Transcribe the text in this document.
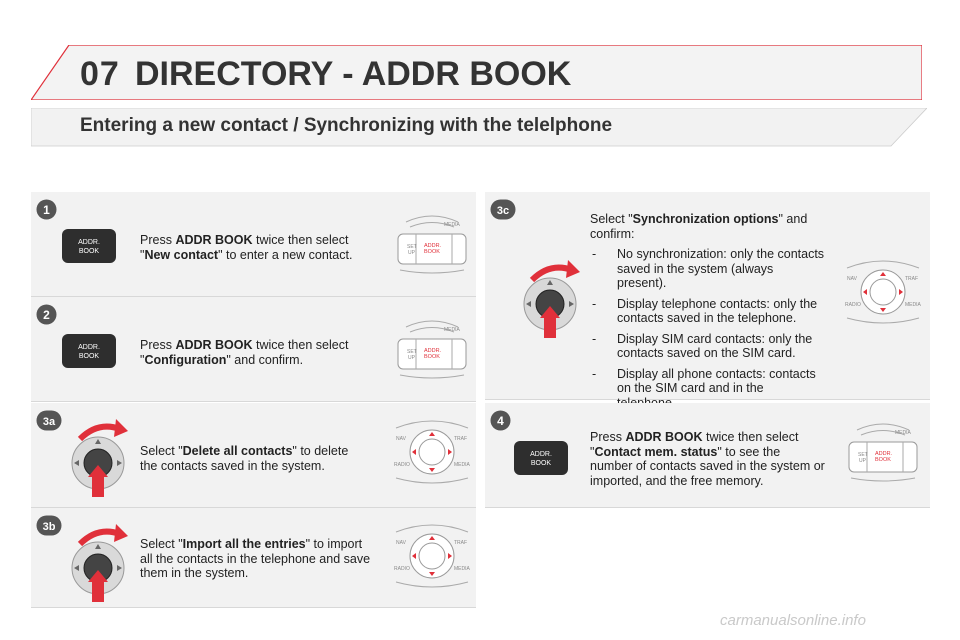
07 DIRECTORY - ADDR BOOK
Entering a new contact / Synchronizing with the telelphone
1
ADDR.
BOOK
Press ADDR BOOK twice then select "New contact" to enter a new contact.
SET
UP
ADDR.
BOOK
MEDIA
2
ADDR.
BOOK
Press ADDR BOOK twice then select "Configuration" and confirm.
SET
UP
ADDR.
BOOK
MEDIA
3a
Select "Delete all contacts" to delete the contacts saved in the system.
NAV	TRAF
RADIO	MEDIA
3b
Select "Import all the entries" to import all the contacts in the telephone and save them in the system.
NAV	TRAF
RADIO	MEDIA
3c
Select "Synchronization options" and confirm:
- No synchronization: only the contacts saved in the system (always present).
- Display telephone contacts: only the contacts saved in the telephone.
- Display SIM card contacts: only the contacts saved on the SIM card.
- Display all phone contacts: contacts on the SIM card and in the
NAV	TRAF
RADIO	MEDIA
4
ADDR.
BOOK
Press ADDR BOOK twice then select "Contact mem. status" to see the number of contacts saved in the system or imported, and the free memory.
SET
UP
ADDR.
BOOK
MEDIA
carmanualsonline.info
